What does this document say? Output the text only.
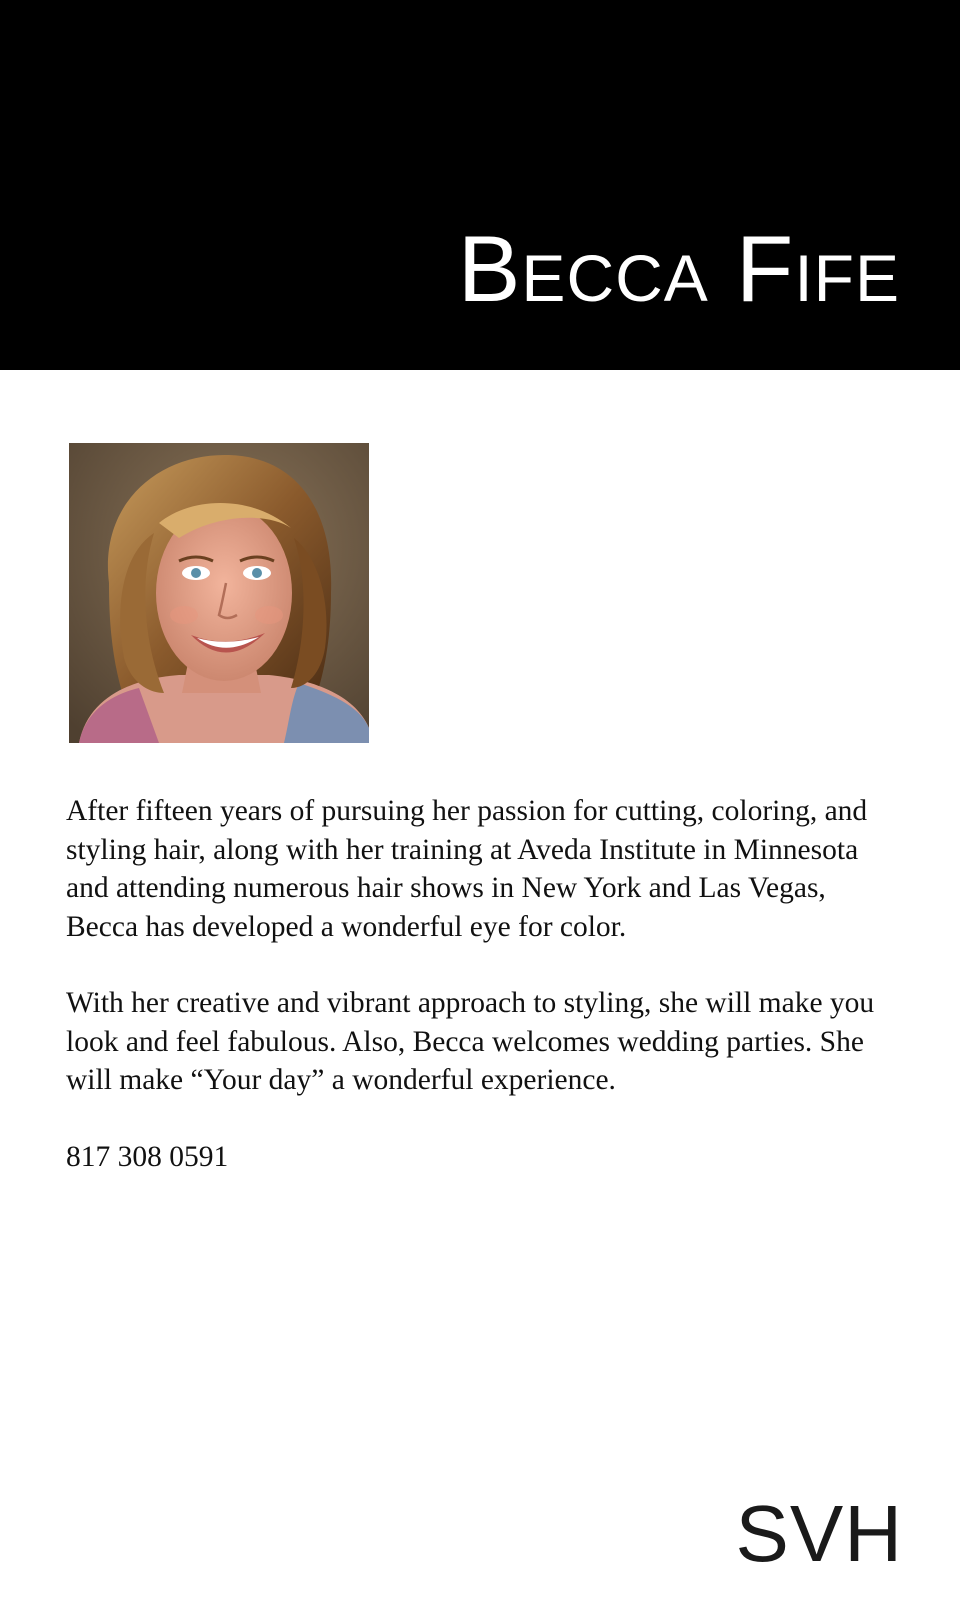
Becca Fife

After fifteen years of pursuing her passion for cutting, coloring, and styling hair, along with her training at Aveda Institute in Minnesota and attending numerous hair shows in New York and Las Vegas, Becca has developed a wonderful eye for color.

With her creative and vibrant approach to styling, she will make you look and feel fabulous. Also, Becca welcomes wedding parties. She will make “Your day” a wonderful experience.

817 308 0591

SVH
